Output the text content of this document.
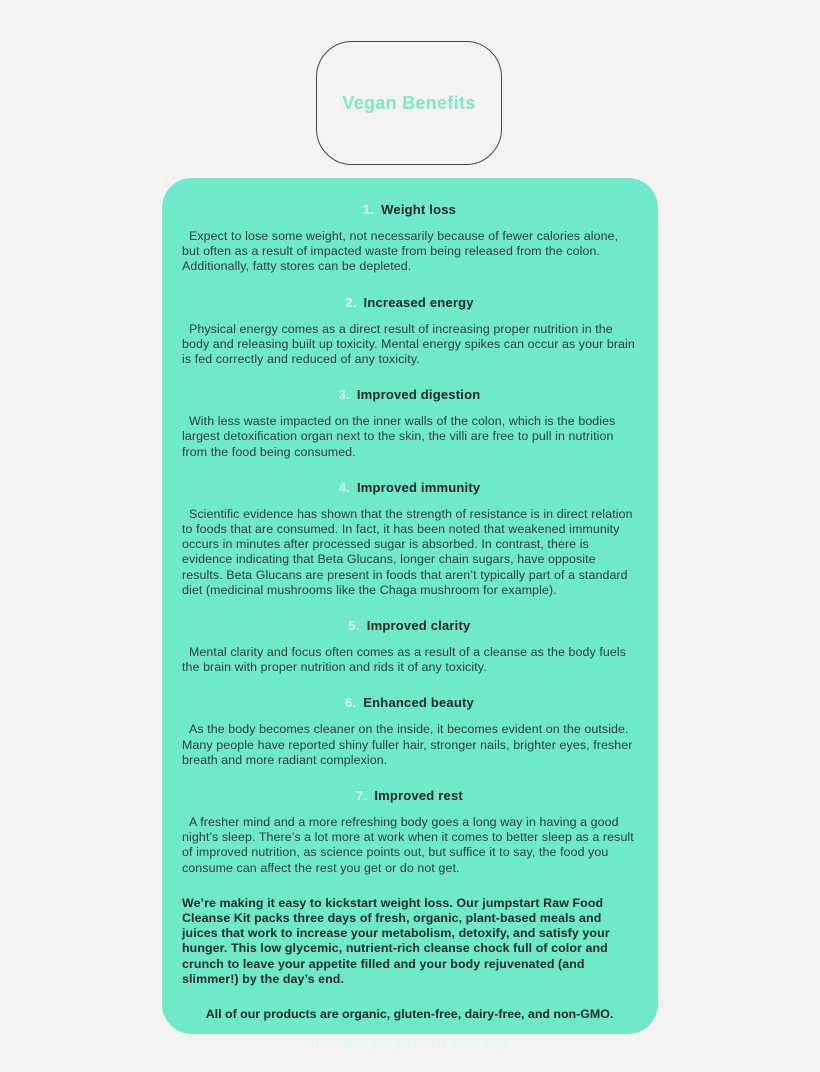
Vegan Benefits
1. Weight loss

Expect to lose some weight, not necessarily because of fewer calories alone, but often as a result of impacted waste from being released from the colon. Additionally, fatty stores can be depleted.

2. Increased energy

Physical energy comes as a direct result of increasing proper nutrition in the body and releasing built up toxicity. Mental energy spikes can occur as your brain is fed correctly and reduced of any toxicity.

3. Improved digestion

With less waste impacted on the inner walls of the colon, which is the bodies largest detoxification organ next to the skin, the villi are free to pull in nutrition from the food being consumed.

4. Improved immunity

Scientific evidence has shown that the strength of resistance is in direct relation to foods that are consumed. In fact, it has been noted that weakened immunity occurs in minutes after processed sugar is absorbed. In contrast, there is evidence indicating that Beta Glucans, longer chain sugars, have opposite results. Beta Glucans are present in foods that aren’t typically part of a standard diet (medicinal mushrooms like the Chaga mushroom for example).

5. Improved clarity

Mental clarity and focus often comes as a result of a cleanse as the body fuels the brain with proper nutrition and rids it of any toxicity.

6. Enhanced beauty

As the body becomes cleaner on the inside, it becomes evident on the outside. Many people have reported shiny fuller hair, stronger nails, brighter eyes, fresher breath and more radiant complexion.

7. Improved rest

A fresher mind and a more refreshing body goes a long way in having a good night’s sleep. There’s a lot more at work when it comes to better sleep as a result of improved nutrition, as science points out, but suffice it to say, the food you consume can affect the rest you get or do not get.

We’re making it easy to kickstart weight loss. Our jumpstart Raw Food Cleanse Kit packs three days of fresh, organic, plant-based meals and juices that work to increase your metabolism, detoxify, and satisfy your hunger. This low glycemic, nutrient-rich cleanse chock full of color and crunch to leave your appetite filled and your body rejuvenated (and slimmer!) by the day’s end.

All of our products are organic, gluten-free, dairy-free, and non-GMO.

Here what you get in this three days
